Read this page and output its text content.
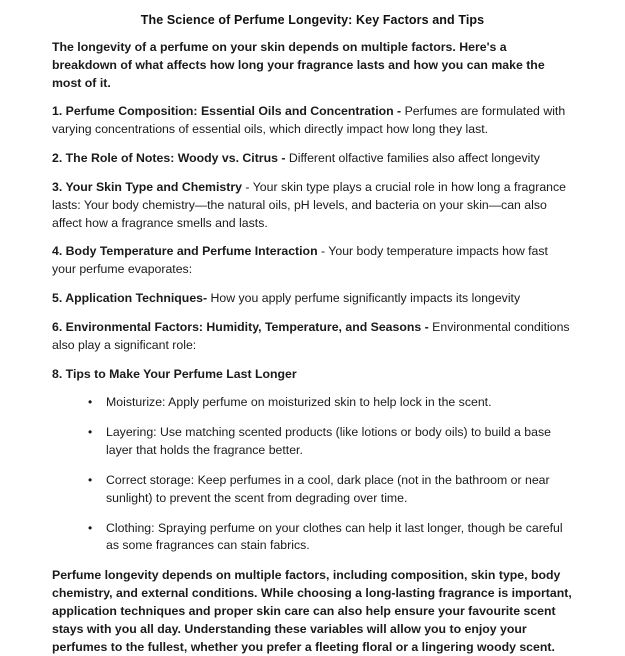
The Science of Perfume Longevity: Key Factors and Tips

The longevity of a perfume on your skin depends on multiple factors. Here's a breakdown of what affects how long your fragrance lasts and how you can make the most of it.

1. Perfume Composition: Essential Oils and Concentration - Perfumes are formulated with varying concentrations of essential oils, which directly impact how long they last.

2. The Role of Notes: Woody vs. Citrus - Different olfactive families also affect longevity

3. Your Skin Type and Chemistry - Your skin type plays a crucial role in how long a fragrance lasts: Your body chemistry—the natural oils, pH levels, and bacteria on your skin—can also affect how a fragrance smells and lasts.

4. Body Temperature and Perfume Interaction - Your body temperature impacts how fast your perfume evaporates:

5. Application Techniques- How you apply perfume significantly impacts its longevity

6. Environmental Factors: Humidity, Temperature, and Seasons - Environmental conditions also play a significant role:

8. Tips to Make Your Perfume Last Longer

• Moisturize: Apply perfume on moisturized skin to help lock in the scent.
• Layering: Use matching scented products (like lotions or body oils) to build a base layer that holds the fragrance better.
• Correct storage: Keep perfumes in a cool, dark place (not in the bathroom or near sunlight) to prevent the scent from degrading over time.
• Clothing: Spraying perfume on your clothes can help it last longer, though be careful as some fragrances can stain fabrics.

Perfume longevity depends on multiple factors, including composition, skin type, body chemistry, and external conditions. While choosing a long-lasting fragrance is important, application techniques and proper skin care can also help ensure your favourite scent stays with you all day. Understanding these variables will allow you to enjoy your perfumes to the fullest, whether you prefer a fleeting floral or a lingering woody scent.
